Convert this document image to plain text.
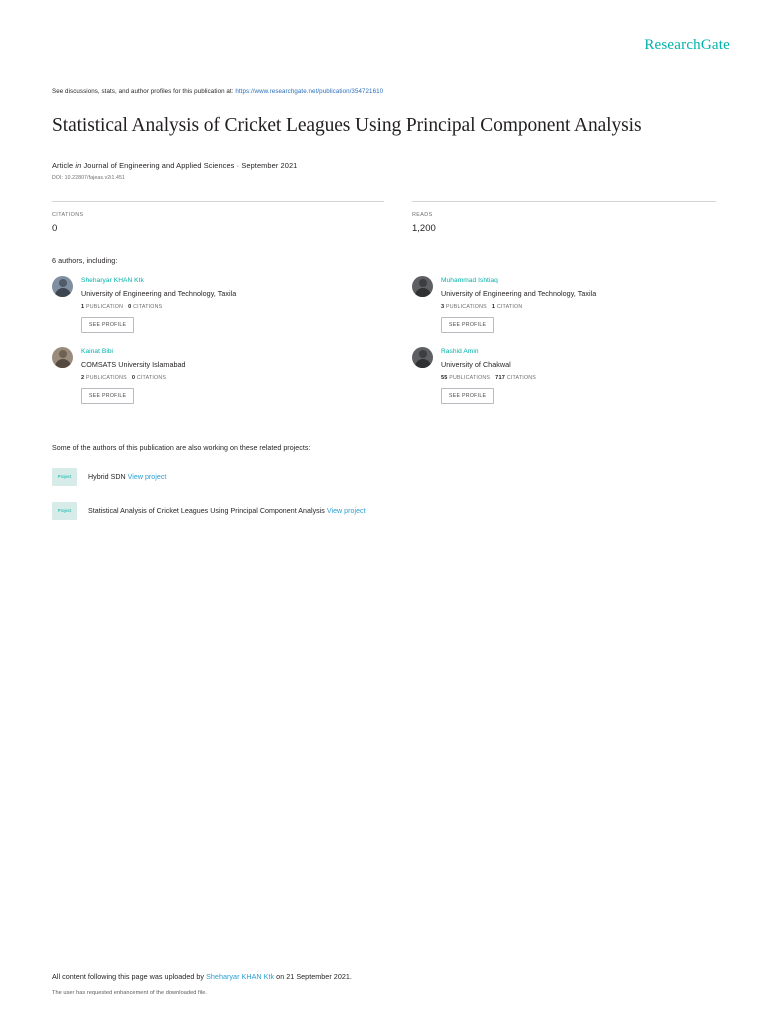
ResearchGate
See discussions, stats, and author profiles for this publication at: https://www.researchgate.net/publication/354721610
Statistical Analysis of Cricket Leagues Using Principal Component Analysis
Article in Journal of Engineering and Applied Sciences · September 2021
DOI: 10.22807/fajeas.v2i1.451
CITATIONS
0
READS
1,200
6 authors, including:
Sheharyar KHAN Ktk
University of Engineering and Technology, Taxila
1 PUBLICATION 0 CITATIONS
SEE PROFILE
Muhammad Ishtiaq
University of Engineering and Technology, Taxila
3 PUBLICATIONS 1 CITATION
SEE PROFILE
Kainat Bibi
COMSATS University Islamabad
2 PUBLICATIONS 0 CITATIONS
SEE PROFILE
Rashid Amin
University of Chakwal
55 PUBLICATIONS 717 CITATIONS
SEE PROFILE
Some of the authors of this publication are also working on these related projects:
Project	Hybrid SDN View project
Project	Statistical Analysis of Cricket Leagues Using Principal Component Analysis View project
All content following this page was uploaded by Sheharyar KHAN Ktk on 21 September 2021.
The user has requested enhancement of the downloaded file.
